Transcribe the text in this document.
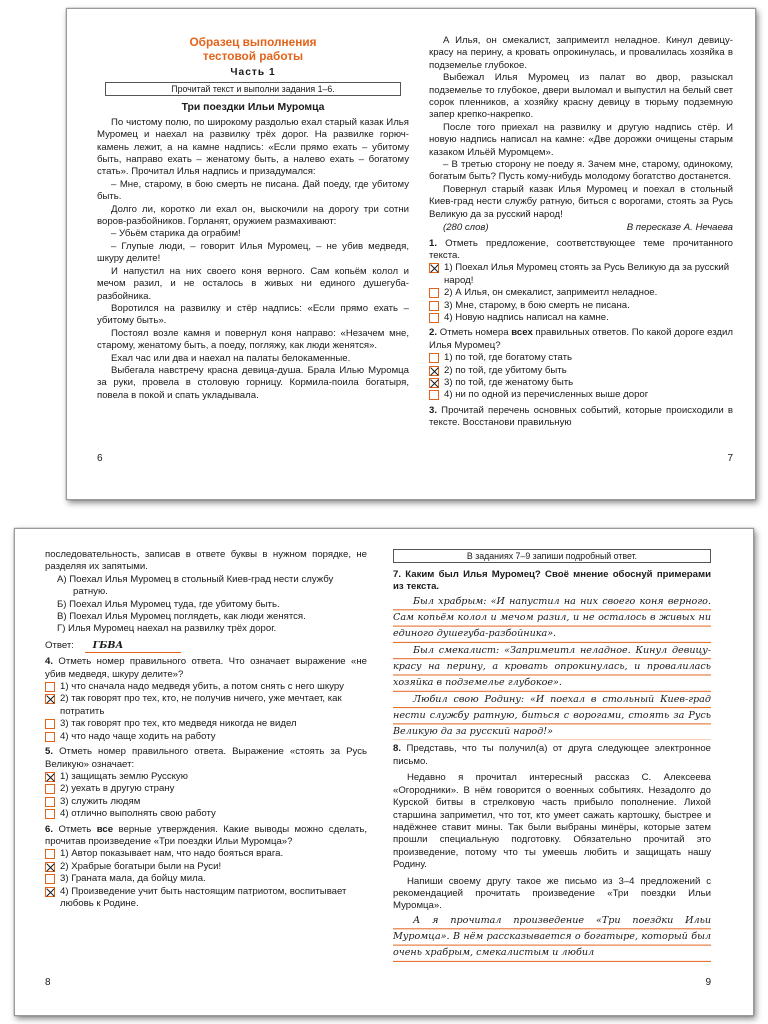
Образец выполнения
тестовой работы
Часть 1
Прочитай текст и выполни задания 1–6.
Три поездки Ильи Муромца

По чистому полю, по широкому раздолью ехал старый казак Илья Муромец и наехал на развилку трёх дорог. На развилке горюч-камень лежит, а на камне надпись: «Если прямо ехать – убитому быть, направо ехать – женатому быть, а налево ехать – богатому стать». Прочитал Илья надпись и призадумался:

– Мне, старому, в бою смерть не писана. Дай поеду, где убитому быть.

Долго ли, коротко ли ехал он, выскочили на дорогу три сотни воров-разбойников. Горланят, оружием размахивают:

– Убьём старика да ограбим!

– Глупые люди, – говорит Илья Муромец, – не убив медведя, шкуру делите!

И напустил на них своего коня верного. Сам копьём колол и мечом разил, и не осталось в живых ни единого душегуба-разбойника.

Воротился на развилку и стёр надпись: «Если прямо ехать – убитому быть».

Постоял возле камня и повернул коня направо: «Незачем мне, старому, женатому быть, а поеду, погляжу, как люди женятся».

Ехал час или два и наехал на палаты белокаменные.

Выбегала навстречу красна девица-душа. Брала Илью Муромца за руки, провела в столовую горницу. Кормила-поила богатыря, повела в покой и спать укладывала.

6

А Илья, он смекалист, запримеитл неладное. Кинул девицу-красу на перину, а кровать опрокинулась, и провалилась хозяйка в подземелье глубокое.

Выбежал Илья Муромец из палат во двор, разыскал подземелье то глубокое, двери выломал и выпустил на белый свет сорок пленников, а хозяйку красну девицу в тюрьму подземную запер крепко-накрепко.

После того приехал на развилку и другую надпись стёр. И новую надпись написал на камне: «Две дорожки очищены старым казаком Ильёй Муромцем».

– В третью сторону не поеду я. Зачем мне, старому, одинокому, богатым быть? Пусть кому-нибудь молодому богатство достанется.

Повернул старый казак Илья Муромец и поехал в стольный Киев-град нести службу ратную, биться с ворогами, стоять за Русь Великую да за русский народ!

(280 слов)	В пересказе А. Нечаева
1. Отметь предложение, соответствующее теме прочитанного текста.
1) Поехал Илья Муромец стоять за Русь Великую да за русский народ!
2) А Илья, он смекалист, запримеитл неладное.
3) Мне, старому, в бою смерть не писана.
4) Новую надпись написал на камне.
2. Отметь номера всех правильных ответов. По какой дороге ездил Илья Муромец?
1) по той, где богатому стать
2) по той, где убитому быть
3) по той, где женатому быть
4) ни по одной из перечисленных выше дорог
3. Прочитай перечень основных событий, которые происходили в тексте. Восстанови правильную
7

последовательность, записав в ответе буквы в нужном порядке, не разделяя их запятыми.

А) Поехал Илья Муромец в стольный Киев-град нести службу ратную.
Б) Поехал Илья Муромец туда, где убитому быть.
В) Поехал Илья Муромец поглядеть, как люди женятся.
Г) Илья Муромец наехал на развилку трёх дорог.
Ответ: ГБВА
4. Отметь номер правильного ответа. Что означает выражение «не убив медведя, шкуру делите»?
1) что сначала надо медведя убить, а потом снять с него шкуру
2) так говорят про тех, кто, не получив ничего, уже мечтает, как потратить
3) так говорят про тех, кто медведя никогда не видел
4) что надо чаще ходить на работу
5. Отметь номер правильного ответа. Выражение «стоять за Русь Великую» означает:
1) защищать землю Русскую
2) уехать в другую страну
3) служить людям
4) отлично выполнять свою работу
6. Отметь все верные утверждения. Какие выводы можно сделать, прочитав произведение «Три поездки Ильи Муромца»?
1) Автор показывает нам, что надо бояться врага.
2) Храбрые богатыри были на Руси!
3) Граната мала, да бойцу мила.
4) Произведение учит быть настоящим патриотом, воспитывает любовь к Родине.
8
В заданиях 7–9 запиши подробный ответ.
7. Каким был Илья Муромец? Своё мнение обоснуй примерами из текста.

Был храбрым: «И напустил на них своего коня верного. Сам копьём колол и мечом разил, и не осталось в живых ни единого душегуба-разбойника».

Был смекалист: «Запримеитл неладное. Кинул девицу-красу на перину, а кровать опрокинулась, и провалилась хозяйка в подземелье глубокое».

Любил свою Родину: «И поехал в стольный Киев-град нести службу ратную, биться с ворогами, стоять за Русь Великую да за русский народ!»

8. Представь, что ты получил(а) от друга следующее электронное письмо.

Недавно я прочитал интересный рассказ С. Алексеева «Огородники». В нём говорится о военных событиях. Незадолго до Курской битвы в стрелковую часть прибыло пополнение. Лихой старшина заприметил, что тот, кто умеет сажать картошку, быстрее и надёжнее ставит мины. Так были выбраны минёры, которые затем прошли специальную подготовку. Обязательно прочитай это произведение, потому что ты умеешь любить и защищать нашу Родину.

Напиши своему другу такое же письмо из 3–4 предложений с рекомендацией прочитать произведение «Три поездки Ильи Муромца».

А я прочитал произведение «Три поездки Ильи Муромца». В нём рассказывается о богатыре, который был очень храбрым, смекалистым и любил

9
